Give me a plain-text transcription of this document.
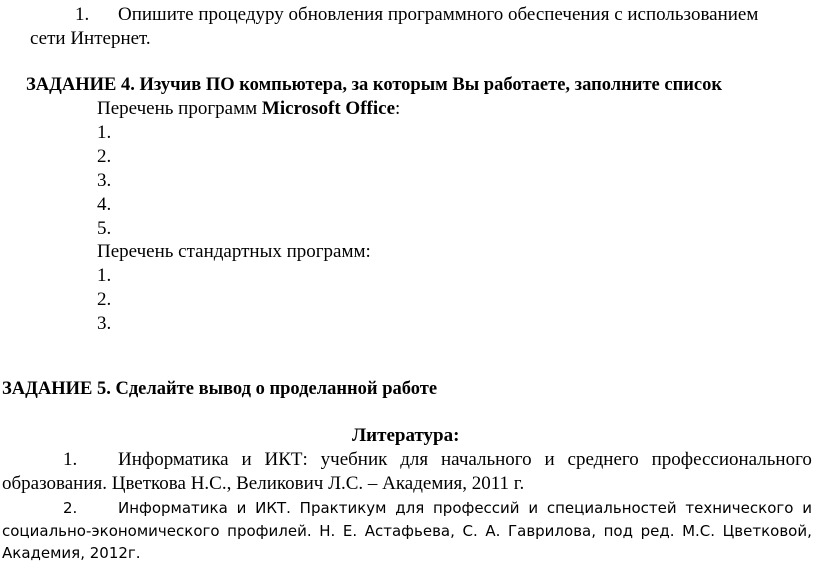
1. Опишите процедуру обновления программного обеспечения с использованием
сети Интернет.
ЗАДАНИЕ 4. Изучив ПО компьютера, за которым Вы работаете, заполните список
Перечень программ Microsoft Office:
1.
2.
3.
4.
5.
Перечень стандартных программ:
1.
2.
3.
ЗАДАНИЕ 5. Сделайте вывод о проделанной работе
Литература:
1. Информатика и ИКТ: учебник для начального и среднего профессионального
образования. Цветкова Н.С., Великович Л.С. – Академия, 2011 г.
2.	Информатика и ИКТ. Практикум для профессий и специальностей технического и
социально-экономического профилей. Н. Е. Астафьева, С. А. Гаврилова, под ред. М.С. Цветковой,
Академия, 2012г.
